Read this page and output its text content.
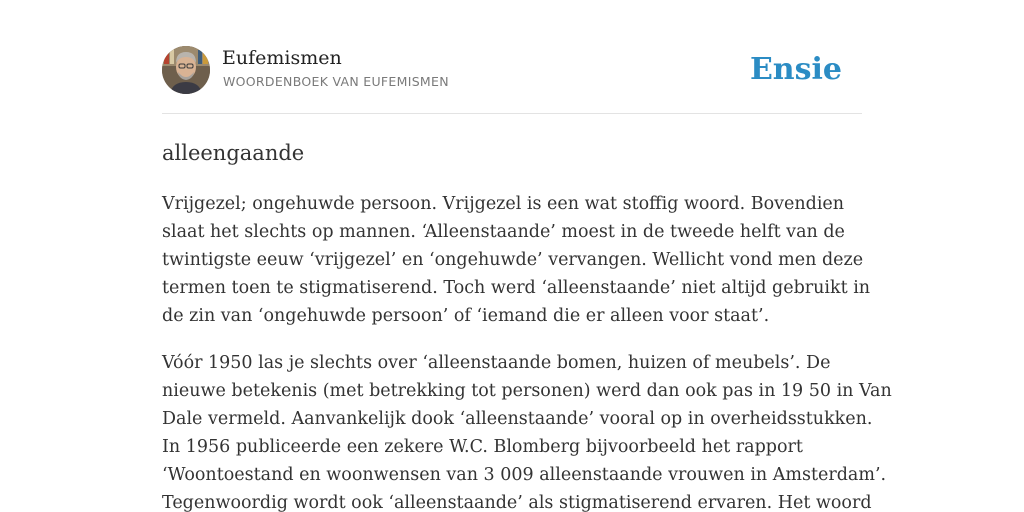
Eufemismen
WOORDENBOEK VAN EUFEMISMEN	Ensie
alleengaande

Vrijgezel; ongehuwde persoon. Vrijgezel is een wat stoffig woord. Bovendien
slaat het slechts op mannen. ‘Alleenstaande’ moest in de tweede helft van de
twintigste eeuw ‘vrijgezel’ en ‘ongehuwde’ vervangen. Wellicht vond men deze
termen toen te stigmatiserend. Toch werd ‘alleenstaande’ niet altijd gebruikt in
de zin van ‘ongehuwde persoon’ of ‘iemand die er alleen voor staat’.

Vóór 1950 las je slechts over ‘alleenstaande bomen, huizen of meubels’. De
nieuwe betekenis (met betrekking tot personen) werd dan ook pas in 19 50 in Van
Dale vermeld. Aanvankelijk dook ‘alleenstaande’ vooral op in overheidsstukken.
In 1956 publiceerde een zekere W.C. Blomberg bijvoorbeeld het rapport
‘Woontoestand en woonwensen van 3 009 alleenstaande vrouwen in Amsterdam’.
Tegenwoordig wordt ook ‘alleenstaande’ als stigmatiserend ervaren. Het woord
